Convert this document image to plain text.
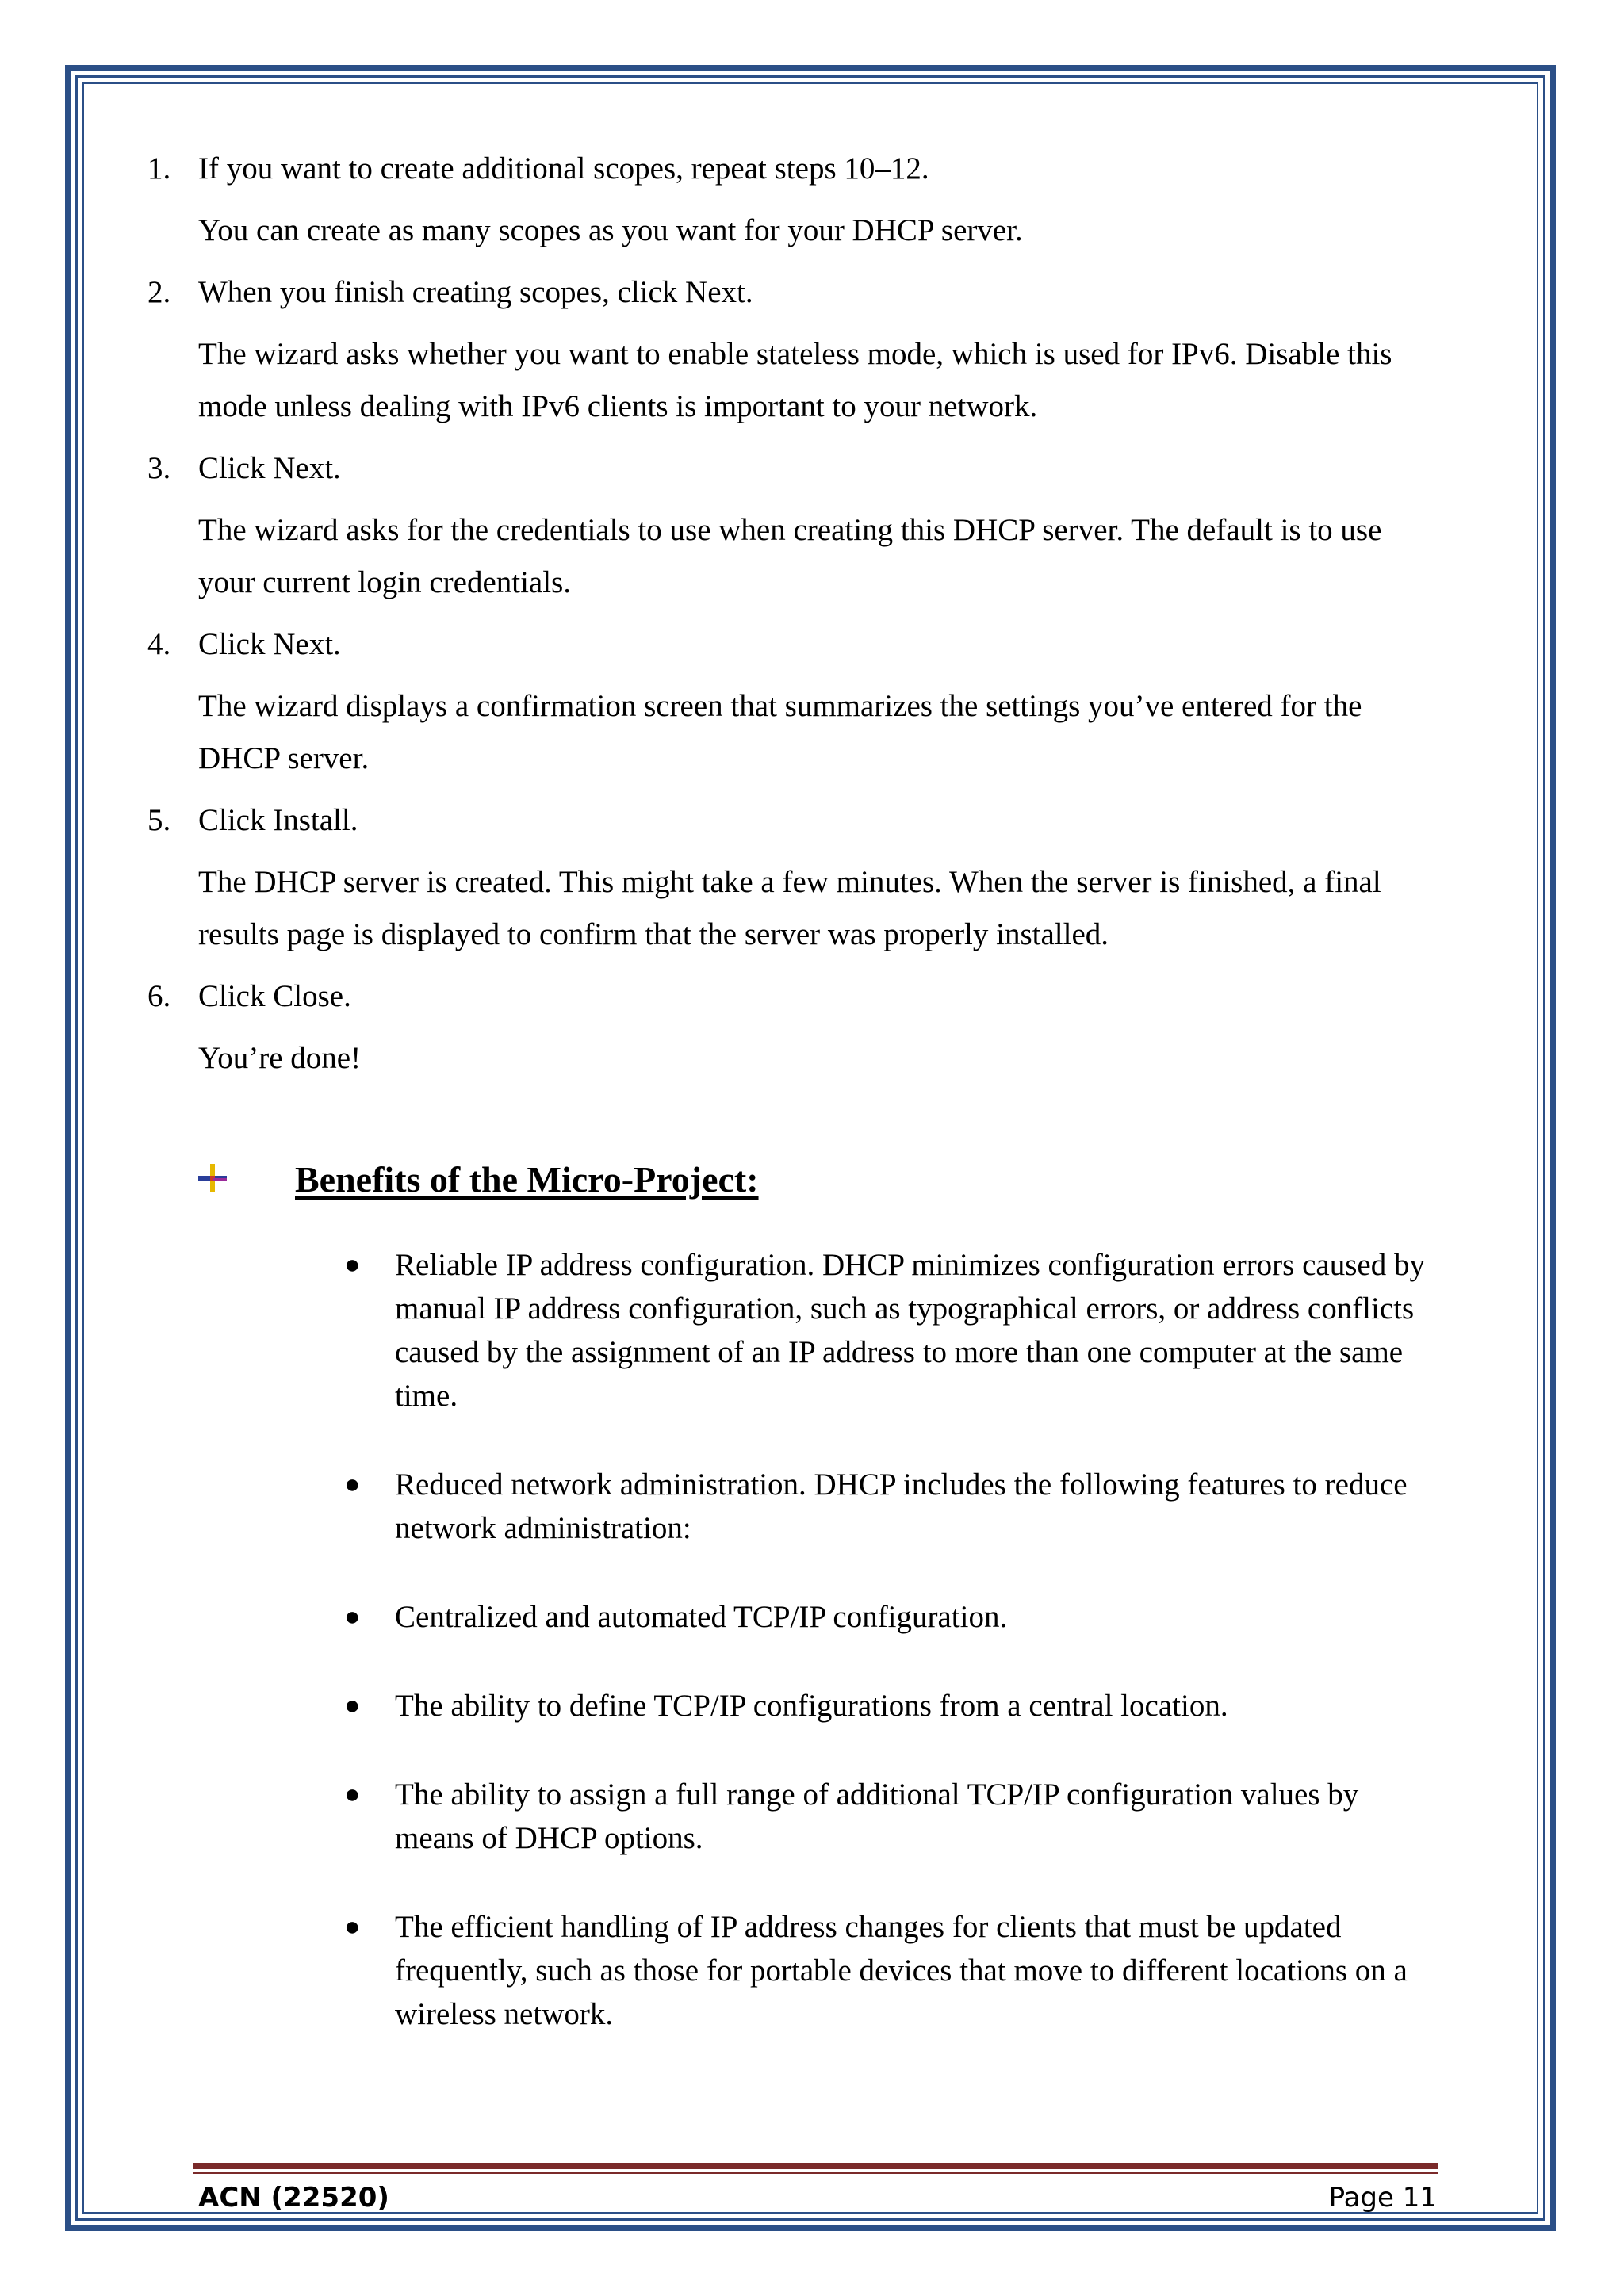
1. If you want to create additional scopes, repeat steps 10–12.
You can create as many scopes as you want for your DHCP server.
2. When you finish creating scopes, click Next.
The wizard asks whether you want to enable stateless mode, which is used for IPv6. Disable this mode unless dealing with IPv6 clients is important to your network.
3. Click Next.
The wizard asks for the credentials to use when creating this DHCP server. The default is to use your current login credentials.
4. Click Next.
The wizard displays a confirmation screen that summarizes the settings you’ve entered for the DHCP server.
5. Click Install.
The DHCP server is created. This might take a few minutes. When the server is finished, a final results page is displayed to confirm that the server was properly installed.
6. Click Close.
You’re done!
Benefits of the Micro-Project:
● Reliable IP address configuration. DHCP minimizes configuration errors caused by manual IP address configuration, such as typographical errors, or address conflicts caused by the assignment of an IP address to more than one computer at the same time.
● Reduced network administration. DHCP includes the following features to reduce network administration:
● Centralized and automated TCP/IP configuration.
● The ability to define TCP/IP configurations from a central location.
● The ability to assign a full range of additional TCP/IP configuration values by means of DHCP options.
● The efficient handling of IP address changes for clients that must be updated frequently, such as those for portable devices that move to different locations on a wireless network.
ACN (22520)	Page 11
